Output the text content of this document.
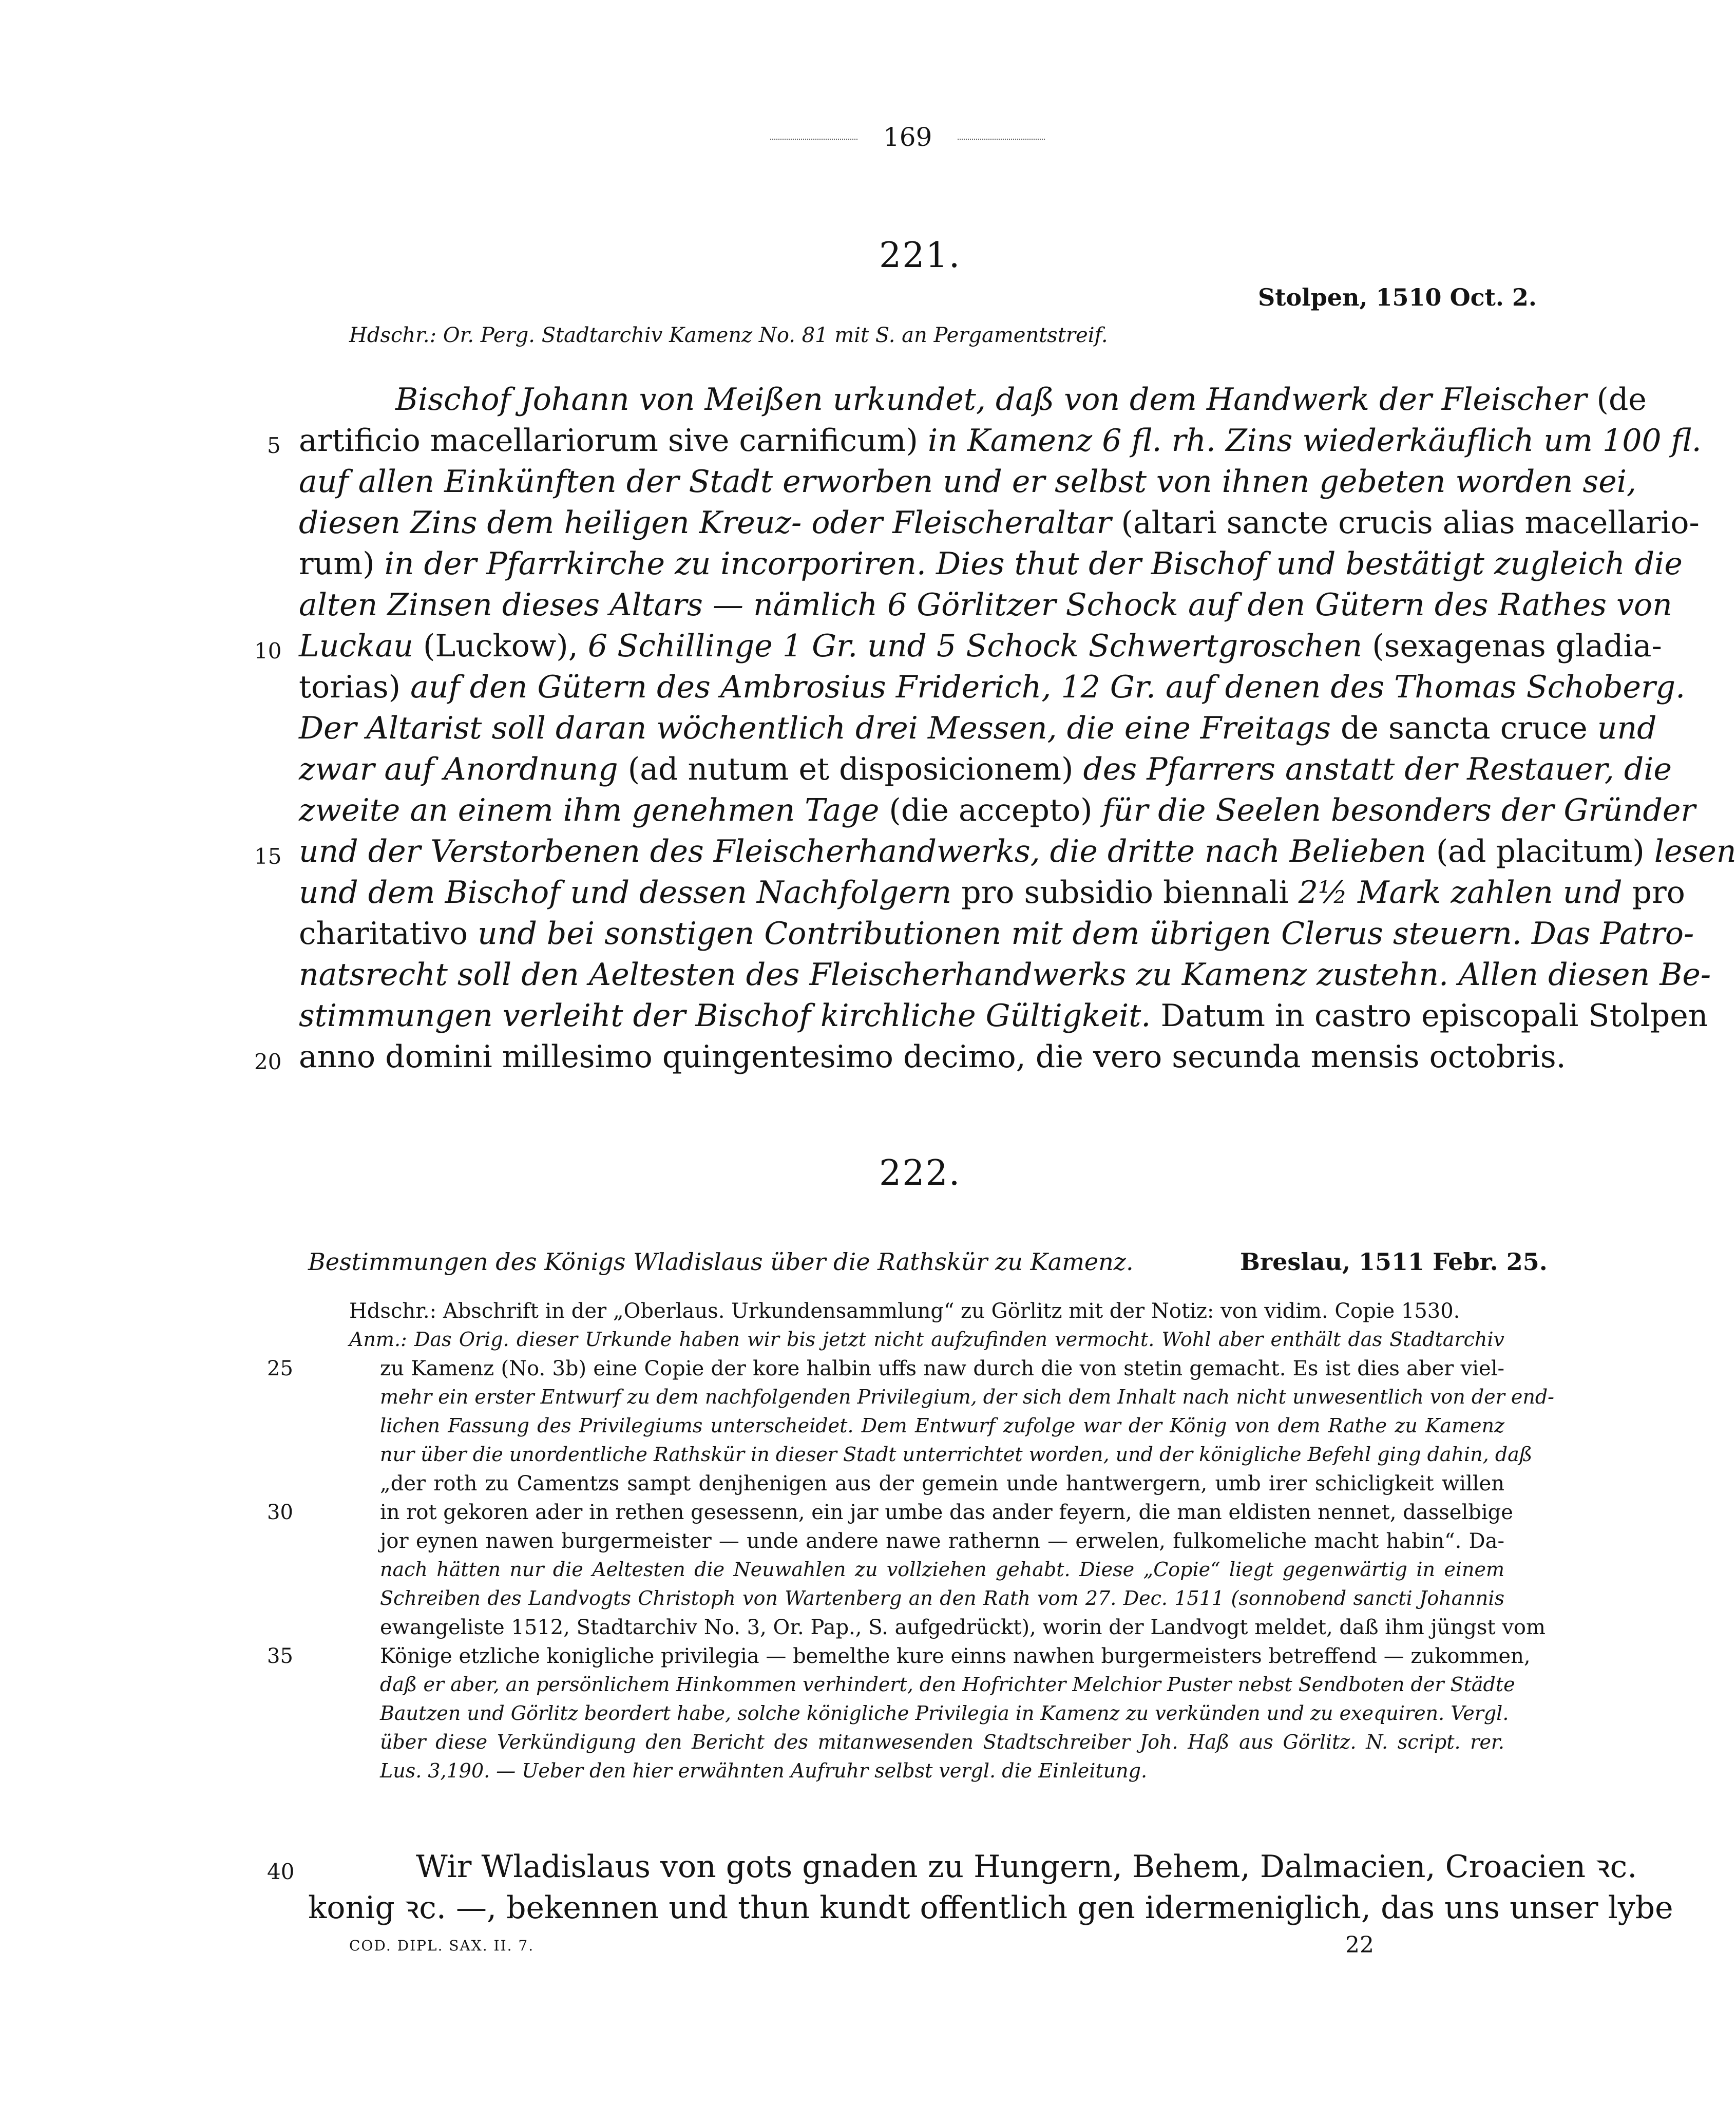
169
221.
Stolpen, 1510 Oct. 2.
Hdschr.: Or. Perg. Stadtarchiv Kamenz No. 81 mit S. an Pergamentstreif.
Bischof Johann von Meißen urkundet, daß von dem Handwerk der Fleischer (de
5 artificio macellariorum sive carnificum) in Kamenz 6 fl. rh. Zins wiederkäuflich um 100 fl.
auf allen Einkünften der Stadt erworben und er selbst von ihnen gebeten worden sei,
diesen Zins dem heiligen Kreuz- oder Fleischeraltar (altari sancte crucis alias macellario-
rum) in der Pfarrkirche zu incorporiren. Dies thut der Bischof und bestätigt zugleich die
alten Zinsen dieses Altars — nämlich 6 Görlitzer Schock auf den Gütern des Rathes von
10 Luckau (Luckow), 6 Schillinge 1 Gr. und 5 Schock Schwertgroschen (sexagenas gladia-
torias) auf den Gütern des Ambrosius Friderich, 12 Gr. auf denen des Thomas Schoberg.
Der Altarist soll daran wöchentlich drei Messen, die eine Freitags de sancta cruce und
zwar auf Anordnung (ad nutum et disposicionem) des Pfarrers anstatt der Restauer, die
zweite an einem ihm genehmen Tage (die accepto) für die Seelen besonders der Gründer
15 und der Verstorbenen des Fleischerhandwerks, die dritte nach Belieben (ad placitum) lesen
und dem Bischof und dessen Nachfolgern pro subsidio biennali 2½ Mark zahlen und pro
charitativo und bei sonstigen Contributionen mit dem übrigen Clerus steuern. Das Patro-
natsrecht soll den Aeltesten des Fleischerhandwerks zu Kamenz zustehn. Allen diesen Be-
stimmungen verleiht der Bischof kirchliche Gültigkeit. Datum in castro episcopali Stolpen
20 anno domini millesimo quingentesimo decimo, die vero secunda mensis octobris.
222.
Bestimmungen des Königs Wladislaus über die Rathskür zu Kamenz.	Breslau, 1511 Febr. 25.
Hdschr.: Abschrift in der „Oberlaus. Urkundensammlung“ zu Görlitz mit der Notiz: von vidim. Copie 1530.
Anm.: Das Orig. dieser Urkunde haben wir bis jetzt nicht aufzufinden vermocht. Wohl aber enthält das Stadtarchiv
25	zu Kamenz (No. 3b) eine Copie der kore halbin uffs naw durch die von stetin gemacht. Es ist dies aber viel-
mehr ein erster Entwurf zu dem nachfolgenden Privilegium, der sich dem Inhalt nach nicht unwesentlich von der end-
lichen Fassung des Privilegiums unterscheidet. Dem Entwurf zufolge war der König von dem Rathe zu Kamenz
nur über die unordentliche Rathskür in dieser Stadt unterrichtet worden, und der königliche Befehl ging dahin, daß
„der roth zu Camentzs sampt denjhenigen aus der gemein unde hantwergern, umb irer schicligkeit willen
30	in rot gekoren ader in rethen gesessenn, ein jar umbe das ander feyern, die man eldisten nennet, dasselbige
jor eynen nawen burgermeister — unde andere nawe rathernn — erwelen, fulkomeliche macht habin“. Da-
nach hätten nur die Aeltesten die Neuwahlen zu vollziehen gehabt. Diese „Copie“ liegt gegenwärtig in einem
Schreiben des Landvogts Christoph von Wartenberg an den Rath vom 27. Dec. 1511 (sonnobend sancti Johannis
ewangeliste 1512, Stadtarchiv No. 3, Or. Pap., S. aufgedrückt), worin der Landvogt meldet, daß ihm jüngst vom
35	Könige etzliche konigliche privilegia — bemelthe kure einns nawhen burgermeisters betreffend — zukommen,
daß er aber, an persönlichem Hinkommen verhindert, den Hofrichter Melchior Puster nebst Sendboten der Städte
Bautzen und Görlitz beordert habe, solche königliche Privilegia in Kamenz zu verkünden und zu exequiren. Vergl.
über diese Verkündigung den Bericht des mitanwesenden Stadtschreiber Joh. Haß aus Görlitz. N. script. rer.
Lus. 3,190. — Ueber den hier erwähnten Aufruhr selbst vergl. die Einleitung.
40	Wir Wladislaus von gots gnaden zu Hungern, Behem, Dalmacien, Croacien ꝛc.
konig ꝛc. —, bekennen und thun kundt offentlich gen idermeniglich, das uns unser lybe
COD. DIPL. SAX. II. 7.	22
